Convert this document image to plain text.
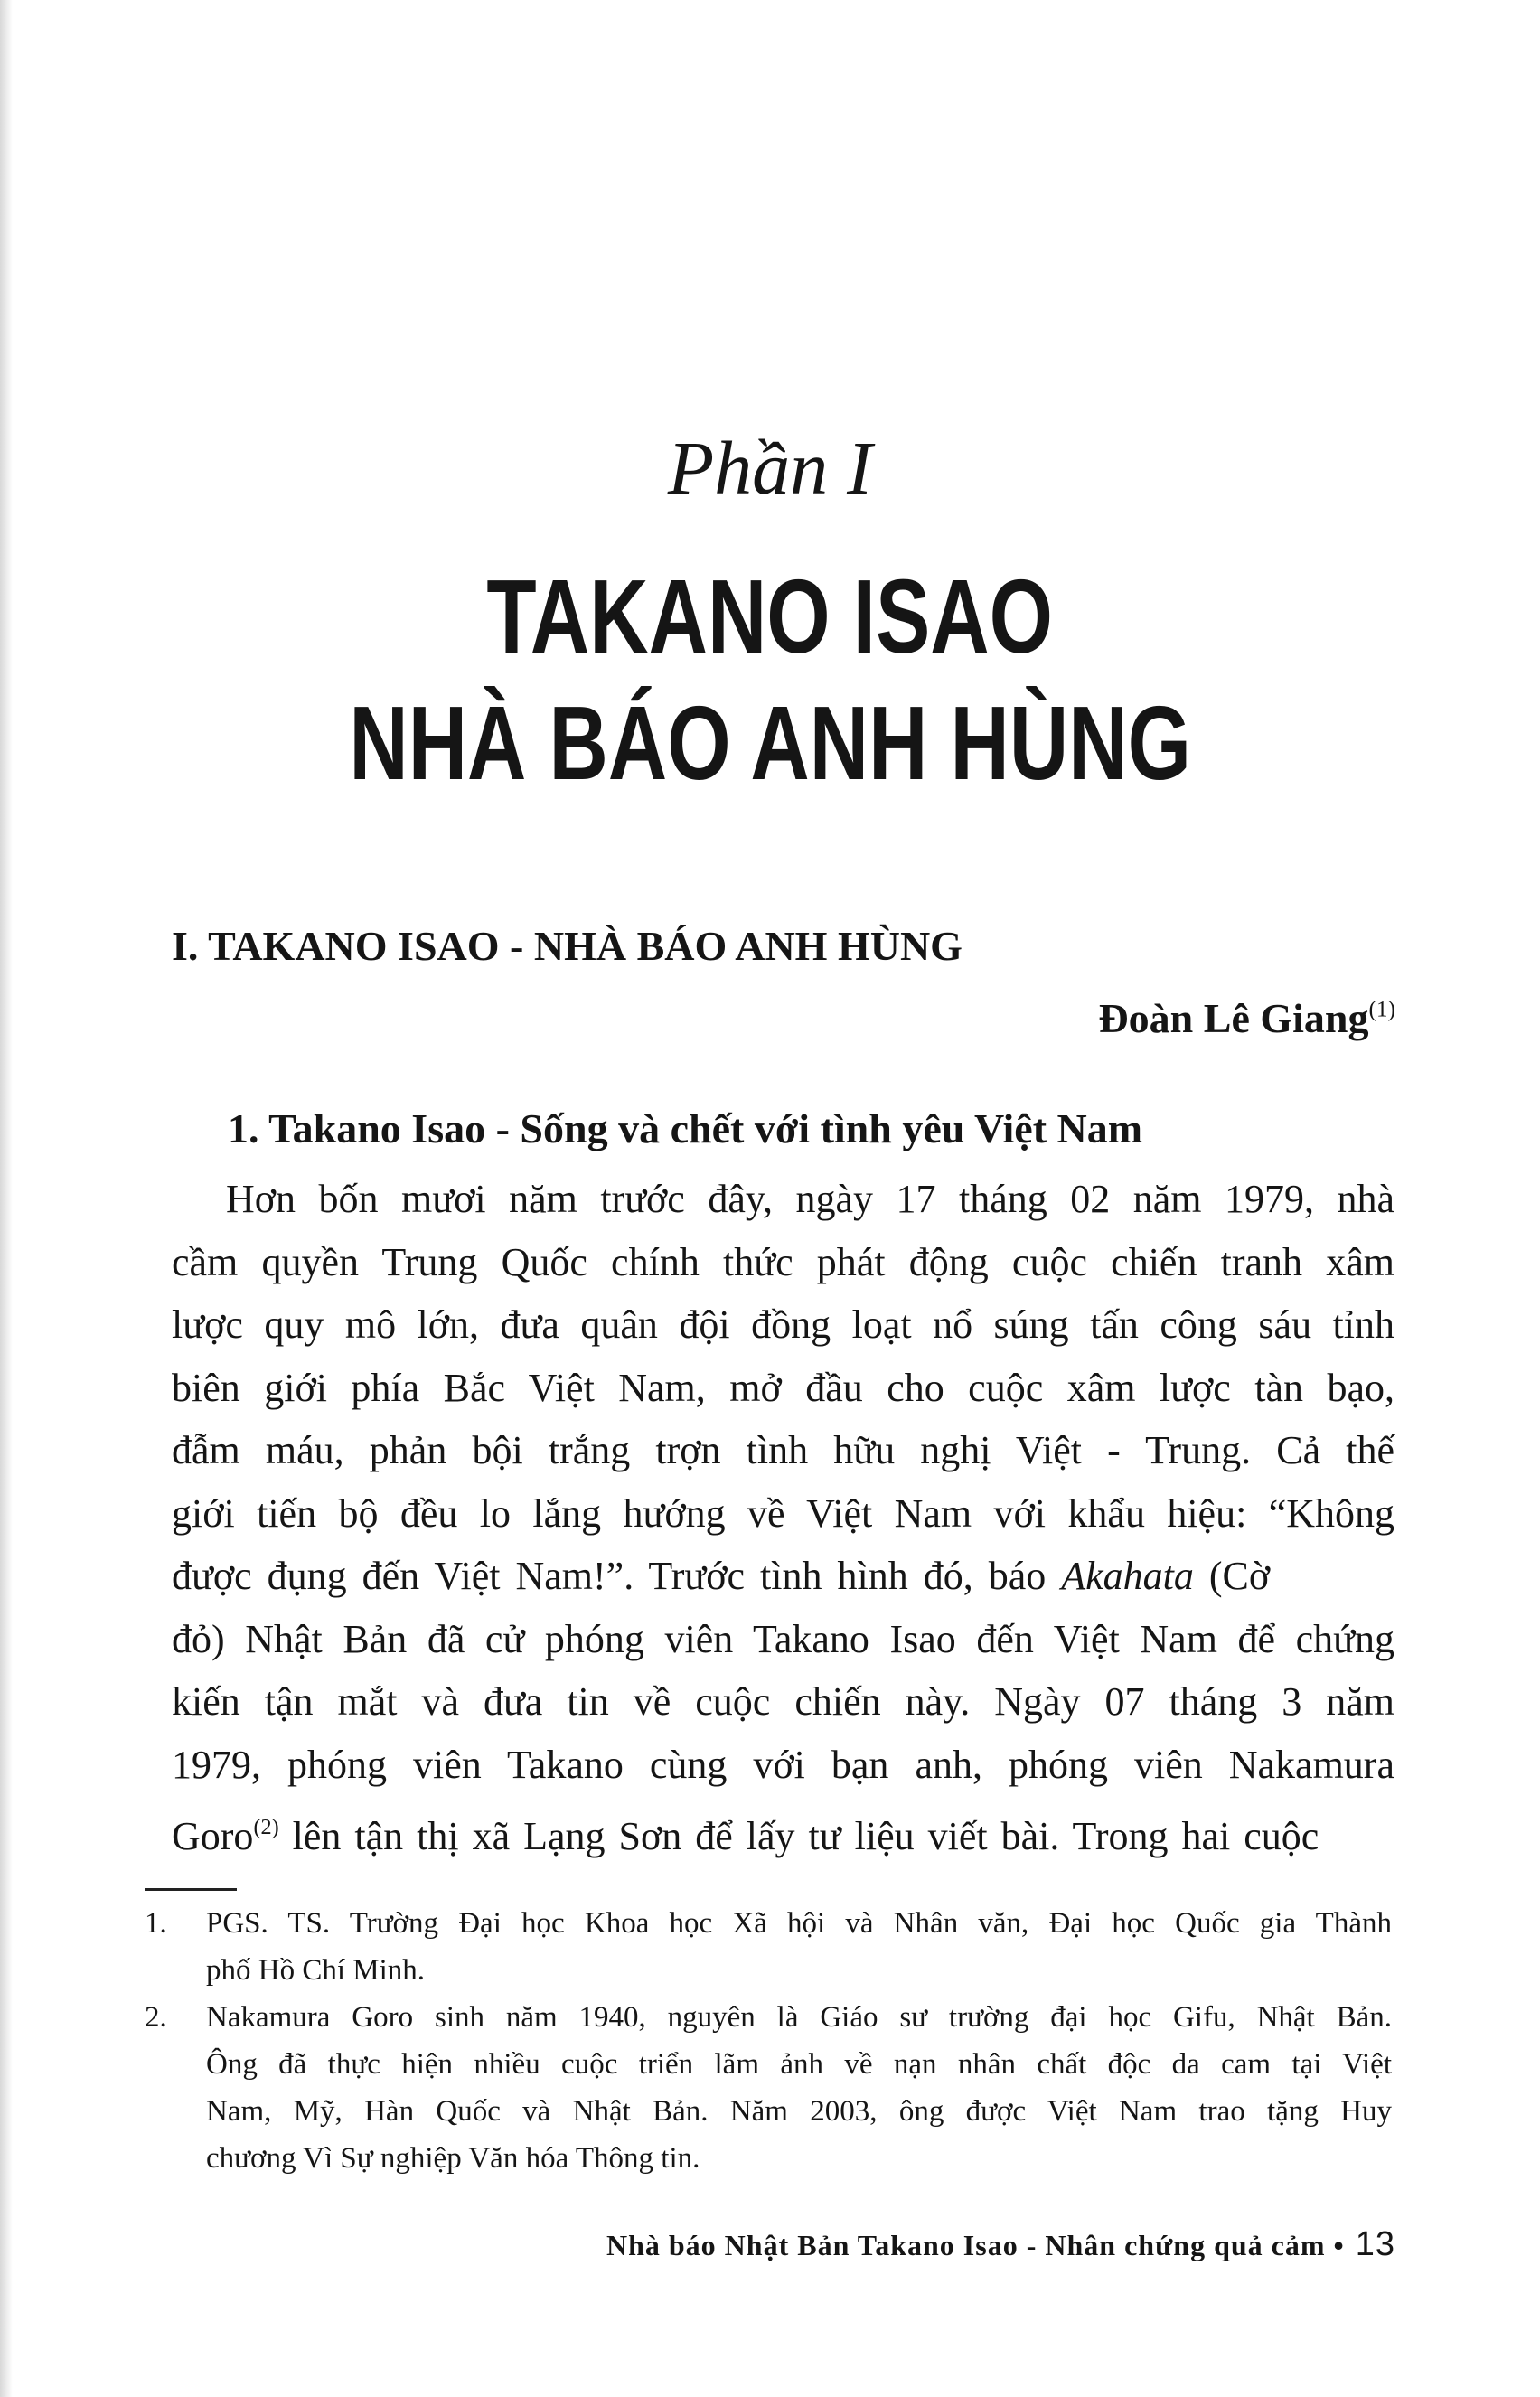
Phần I
TAKANO ISAO
NHÀ BÁO ANH HÙNG
I. TAKANO ISAO - NHÀ BÁO ANH HÙNG
Đoàn Lê Giang$^{(1)}$
1. Takano Isao - Sống và chết với tình yêu Việt Nam
Hơn bốn mươi năm trước đây, ngày 17 tháng 02 năm 1979, nhà
cầm quyền Trung Quốc chính thức phát động cuộc chiến tranh xâm
lược quy mô lớn, đưa quân đội đồng loạt nổ súng tấn công sáu tỉnh
biên giới phía Bắc Việt Nam, mở đầu cho cuộc xâm lược tàn bạo,
đẫm máu, phản bội trắng trợn tình hữu nghị Việt - Trung. Cả thế
giới tiến bộ đều lo lắng hướng về Việt Nam với khẩu hiệu: “Không
được đụng đến Việt Nam!”. Trước tình hình đó, báo Akahata (Cờ
đỏ) Nhật Bản đã cử phóng viên Takano Isao đến Việt Nam để chứng
kiến tận mắt và đưa tin về cuộc chiến này. Ngày 07 tháng 3 năm
1979, phóng viên Takano cùng với bạn anh, phóng viên Nakamura
Goro$^{(2)}$ lên tận thị xã Lạng Sơn để lấy tư liệu viết bài. Trong hai cuộc
1.	PGS. TS. Trường Đại học Khoa học Xã hội và Nhân văn, Đại học Quốc gia Thành
phố Hồ Chí Minh.
2.	Nakamura Goro sinh năm 1940, nguyên là Giáo sư trường đại học Gifu, Nhật Bản.
Ông đã thực hiện nhiều cuộc triển lãm ảnh về nạn nhân chất độc da cam tại Việt
Nam, Mỹ, Hàn Quốc và Nhật Bản. Năm 2003, ông được Việt Nam trao tặng Huy
chương Vì Sự nghiệp Văn hóa Thông tin.
Nhà báo Nhật Bản Takano Isao - Nhân chứng quả cảm • 13
